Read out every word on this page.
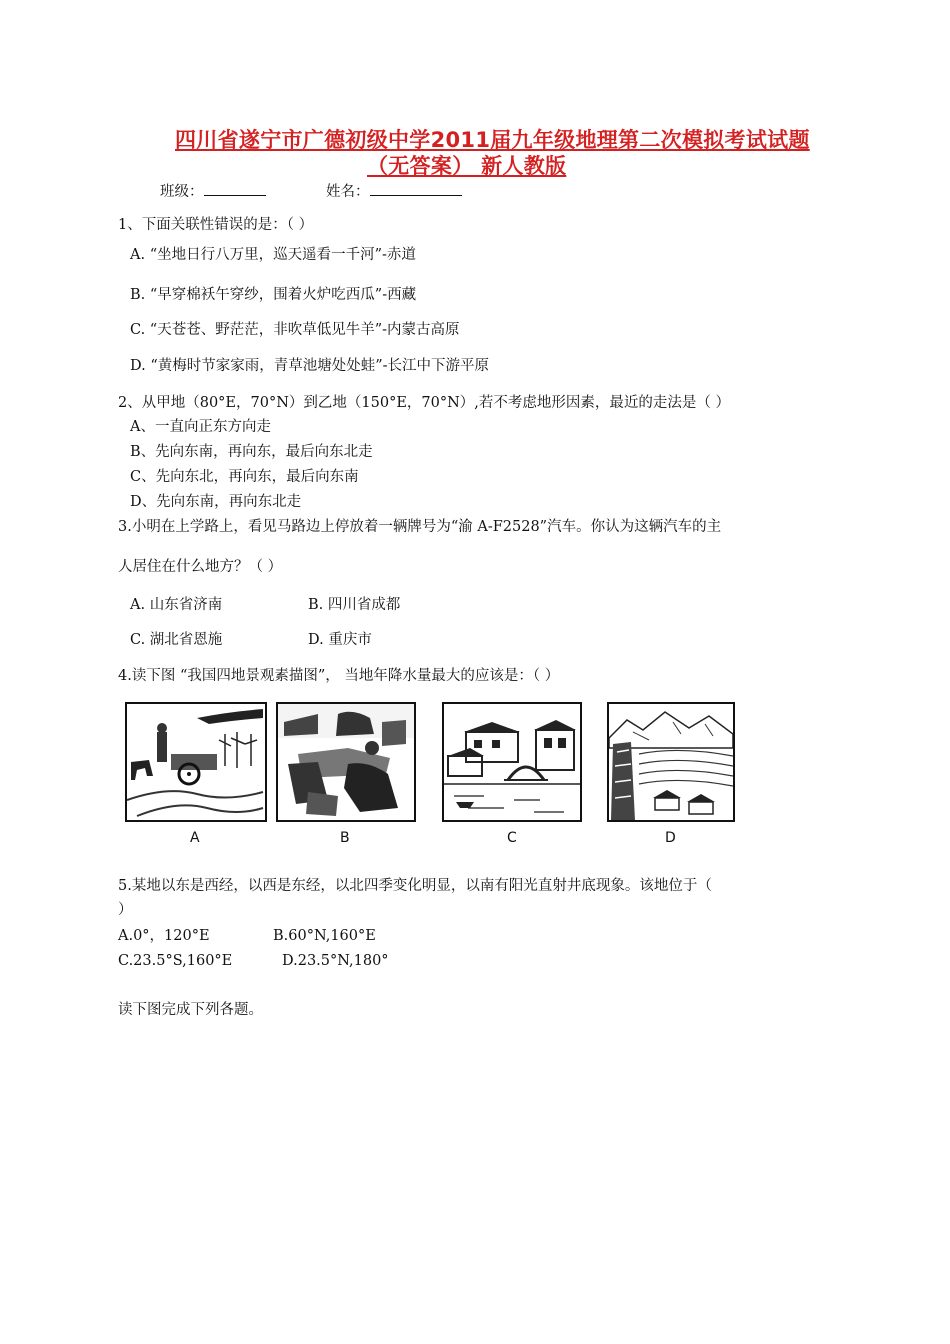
四川省遂宁市广德初级中学2011届九年级地理第二次模拟考试试题
（无答案） 新人教版
班级：	姓名：
1、下面关联性错误的是：（ ）
A. “坐地日行八万里，巡天遥看一千河”-赤道
B. “早穿棉袄午穿纱，围着火炉吃西瓜”-西藏
C. “天苍苍、野茫茫，非吹草低见牛羊”-内蒙古高原
D. “黄梅时节家家雨，青草池塘处处蛙”-长江中下游平原
2、从甲地（80°E，70°N）到乙地（150°E，70°N）,若不考虑地形因素，最近的走法是（ ）
A、一直向正东方向走
B、先向东南，再向东，最后向东北走
C、先向东北，再向东，最后向东南
D、先向东南，再向东北走
3.小明在上学路上，看见马路边上停放着一辆牌号为“渝 A-F2528”汽车。你认为这辆汽车的主
人居住在什么地方？（ ）
A. 山东省济南	B. 四川省成都
C. 湖北省恩施	D. 重庆市
4.读下图 “我国四地景观素描图”， 当地年降水量最大的应该是：（ ）
A	B	C	D
5.某地以东是西经，以西是东经，以北四季变化明显，以南有阳光直射井底现象。该地位于（
）
A.0°，120°E	B.60°N,160°E
C.23.5°S,160°E	D.23.5°N,180°
读下图完成下列各题。
